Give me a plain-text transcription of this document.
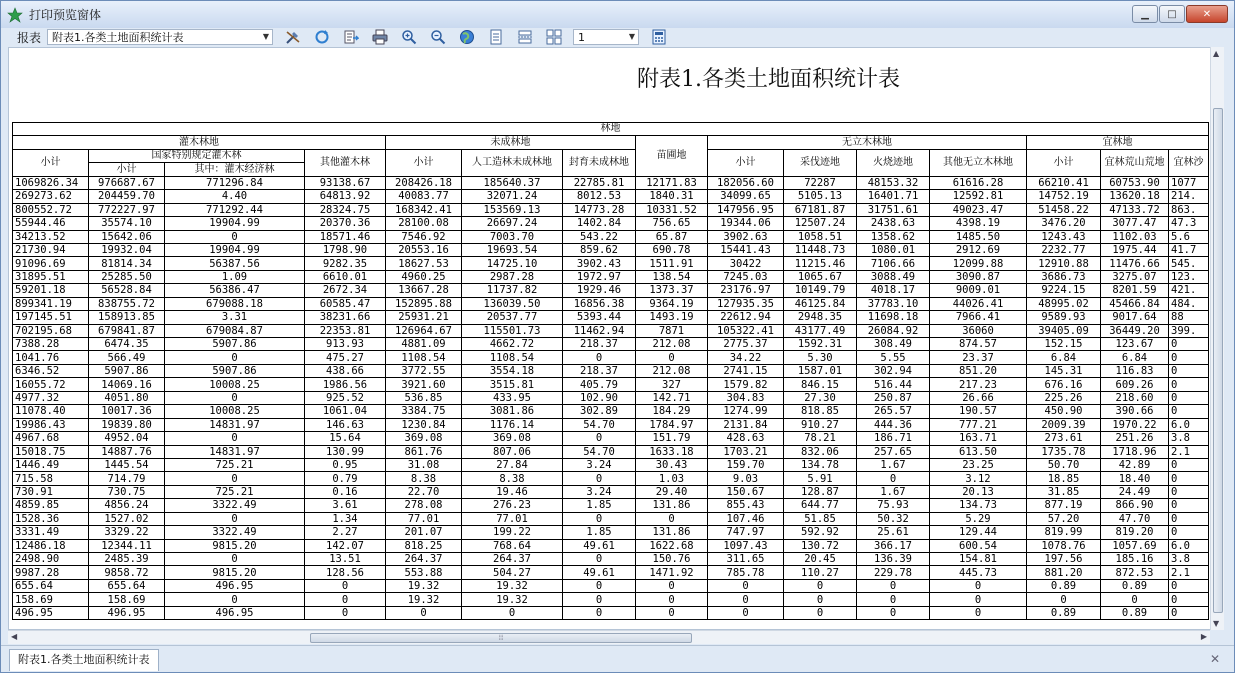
打印预览窗体	▁	□	✕
报表 附表1.各类土地面积统计表	▼	1	▼
附表1.各类土地面积统计表
林地														
灌木林地				未成林地			苗圃地	无立木林地				宜林地		
小计	国家特别规定灌木林		其他灌木林	小计	人工造林未成林地	封育未成林地		小计	采伐迹地	火烧迹地	其他无立木林地	小计	宜林荒山荒地	宜林沙
	小计	其中：灌木经济林												
1069826.34	976687.67	771296.84	93138.67	208426.18	185640.37	22785.81	12171.83	182056.60	72287	48153.32	61616.28	66210.41	60753.90	1077
269273.62	204459.70	4.40	64813.92	40083.77	32071.24	8012.53	1840.31	34099.65	5105.13	16401.71	12592.81	14752.19	13620.18	214.
800552.72	772227.97	771292.44	28324.75	168342.41	153569.13	14773.28	10331.52	147956.95	67181.87	31751.61	49023.47	51458.22	47133.72	863.
55944.46	35574.10	19904.99	20370.36	28100.08	26697.24	1402.84	756.65	19344.06	12507.24	2438.63	4398.19	3476.20	3077.47	47.3
34213.52	15642.06	0	18571.46	7546.92	7003.70	543.22	65.87	3902.63	1058.51	1358.62	1485.50	1243.43	1102.03	5.6
21730.94	19932.04	19904.99	1798.90	20553.16	19693.54	859.62	690.78	15441.43	11448.73	1080.01	2912.69	2232.77	1975.44	41.7
91096.69	81814.34	56387.56	9282.35	18627.53	14725.10	3902.43	1511.91	30422	11215.46	7106.66	12099.88	12910.88	11476.66	545.
31895.51	25285.50	1.09	6610.01	4960.25	2987.28	1972.97	138.54	7245.03	1065.67	3088.49	3090.87	3686.73	3275.07	123.
59201.18	56528.84	56386.47	2672.34	13667.28	11737.82	1929.46	1373.37	23176.97	10149.79	4018.17	9009.01	9224.15	8201.59	421.
899341.19	838755.72	679088.18	60585.47	152895.88	136039.50	16856.38	9364.19	127935.35	46125.84	37783.10	44026.41	48995.02	45466.84	484.
197145.51	158913.85	3.31	38231.66	25931.21	20537.77	5393.44	1493.19	22612.94	2948.35	11698.18	7966.41	9589.93	9017.64	88
702195.68	679841.87	679084.87	22353.81	126964.67	115501.73	11462.94	7871	105322.41	43177.49	26084.92	36060	39405.09	36449.20	399.
7388.28	6474.35	5907.86	913.93	4881.09	4662.72	218.37	212.08	2775.37	1592.31	308.49	874.57	152.15	123.67	0
1041.76	566.49	0	475.27	1108.54	1108.54	0	0	34.22	5.30	5.55	23.37	6.84	6.84	0
6346.52	5907.86	5907.86	438.66	3772.55	3554.18	218.37	212.08	2741.15	1587.01	302.94	851.20	145.31	116.83	0
16055.72	14069.16	10008.25	1986.56	3921.60	3515.81	405.79	327	1579.82	846.15	516.44	217.23	676.16	609.26	0
4977.32	4051.80	0	925.52	536.85	433.95	102.90	142.71	304.83	27.30	250.87	26.66	225.26	218.60	0
11078.40	10017.36	10008.25	1061.04	3384.75	3081.86	302.89	184.29	1274.99	818.85	265.57	190.57	450.90	390.66	0
19986.43	19839.80	14831.97	146.63	1230.84	1176.14	54.70	1784.97	2131.84	910.27	444.36	777.21	2009.39	1970.22	6.0
4967.68	4952.04	0	15.64	369.08	369.08	0	151.79	428.63	78.21	186.71	163.71	273.61	251.26	3.8
15018.75	14887.76	14831.97	130.99	861.76	807.06	54.70	1633.18	1703.21	832.06	257.65	613.50	1735.78	1718.96	2.1
1446.49	1445.54	725.21	0.95	31.08	27.84	3.24	30.43	159.70	134.78	1.67	23.25	50.70	42.89	0
715.58	714.79	0	0.79	8.38	8.38	0	1.03	9.03	5.91	0	3.12	18.85	18.40	0
730.91	730.75	725.21	0.16	22.70	19.46	3.24	29.40	150.67	128.87	1.67	20.13	31.85	24.49	0
4859.85	4856.24	3322.49	3.61	278.08	276.23	1.85	131.86	855.43	644.77	75.93	134.73	877.19	866.90	0
1528.36	1527.02	0	1.34	77.01	77.01	0	0	107.46	51.85	50.32	5.29	57.20	47.70	0
3331.49	3329.22	3322.49	2.27	201.07	199.22	1.85	131.86	747.97	592.92	25.61	129.44	819.99	819.20	0
12486.18	12344.11	9815.20	142.07	818.25	768.64	49.61	1622.68	1097.43	130.72	366.17	600.54	1078.76	1057.69	6.0
2498.90	2485.39	0	13.51	264.37	264.37	0	150.76	311.65	20.45	136.39	154.81	197.56	185.16	3.8
9987.28	9858.72	9815.20	128.56	553.88	504.27	49.61	1471.92	785.78	110.27	229.78	445.73	881.20	872.53	2.1
655.64	655.64	496.95	0	19.32	19.32	0	0	0	0	0	0	0.89	0.89	0
158.69	158.69	0	0	19.32	19.32	0	0	0	0	0	0	0	0	0
496.95	496.95	496.95	0	0	0	0	0	0	0	0	0	0.89	0.89	0
▲
▼
◀	⦙⦙⦙	▶
附表1.各类土地面积统计表	✕
